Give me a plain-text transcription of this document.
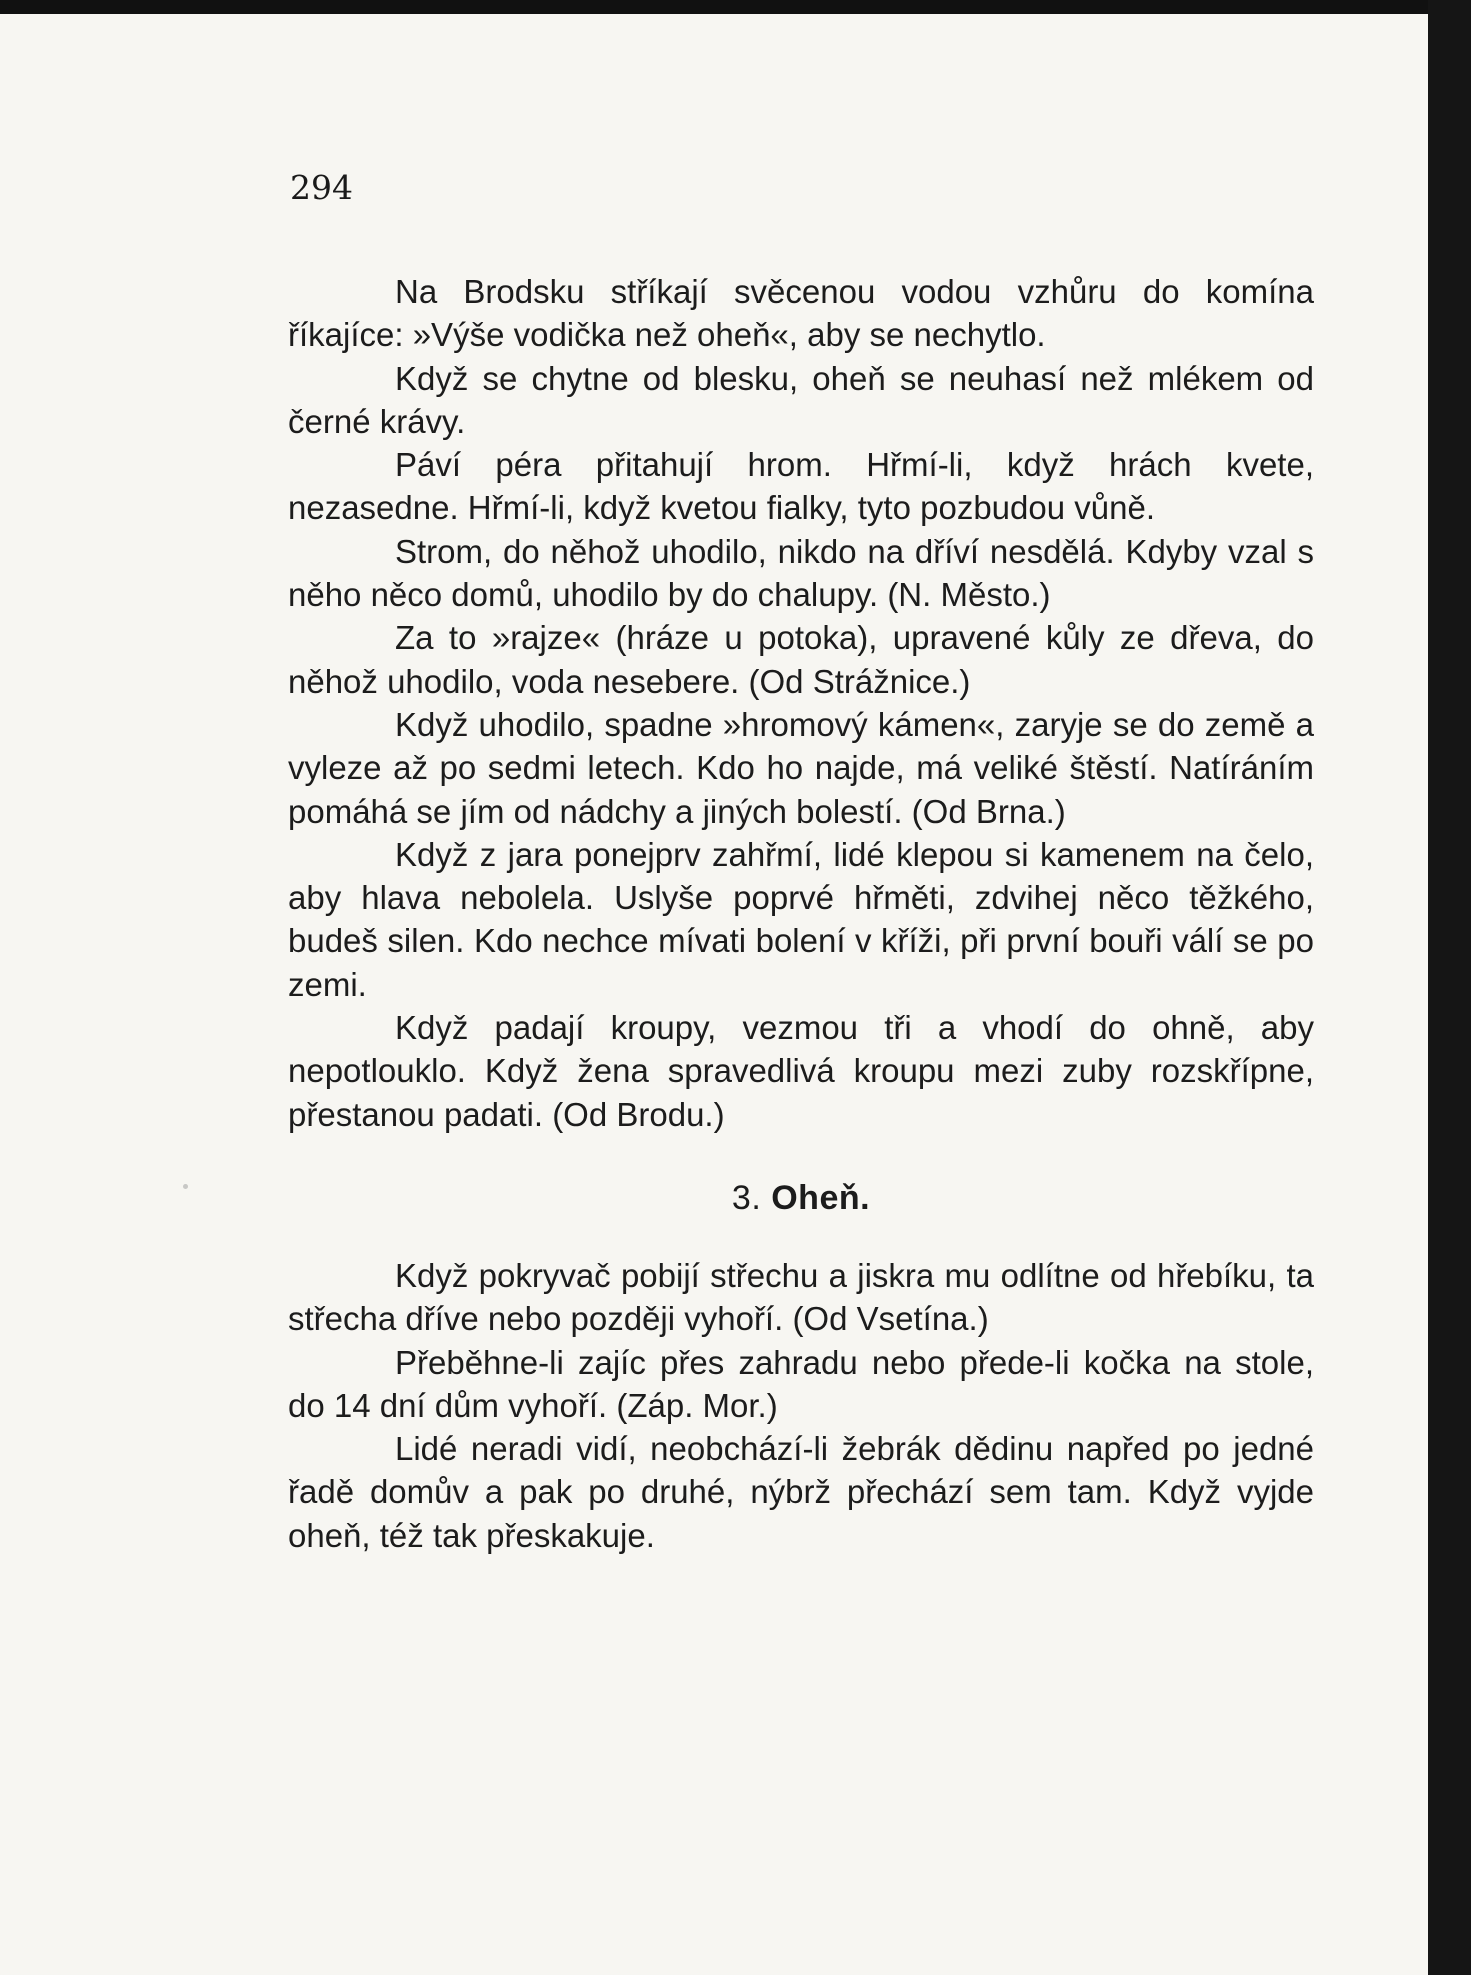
294

Na Brodsku stříkají svěcenou vodou vzhůru do komína říkajíce: »Výše vodička než oheň«, aby se nechytlo.

Když se chytne od blesku, oheň se neuhasí než mlékem od černé krávy.

Páví péra přitahují hrom. Hřmí-li, když hrách kvete, nezasedne. Hřmí-li, když kvetou fialky, tyto pozbudou vůně.

Strom, do něhož uhodilo, nikdo na dříví nesdělá. Kdyby vzal s něho něco domů, uhodilo by do chalupy. (N. Město.)

Za to »rajze« (hráze u potoka), upravené kůly ze dřeva, do něhož uhodilo, voda nesebere. (Od Strážnice.)

Když uhodilo, spadne »hromový kámen«, zaryje se do země a vyleze až po sedmi letech. Kdo ho najde, má veliké štěstí. Natíráním pomáhá se jím od nádchy a jiných bolestí. (Od Brna.)

Když z jara ponejprv zahřmí, lidé klepou si kamenem na čelo, aby hlava nebolela. Uslyše poprvé hřměti, zdvihej něco těžkého, budeš silen. Kdo nechce mívati bolení v kříži, při první bouři válí se po zemi.

Když padají kroupy, vezmou tři a vhodí do ohně, aby nepotlouklo. Když žena spravedlivá kroupu mezi zuby rozskřípne, přestanou padati. (Od Brodu.)

3. Oheň.

Když pokryvač pobijí střechu a jiskra mu odlítne od hřebíku, ta střecha dříve nebo později vyhoří. (Od Vsetína.)

Přeběhne-li zajíc přes zahradu nebo přede-li kočka na stole, do 14 dní dům vyhoří. (Záp. Mor.)

Lidé neradi vidí, neobchází-li žebrák dědinu napřed po jedné řadě domův a pak po druhé, nýbrž přechází sem tam. Když vyjde oheň, též tak přeskakuje.
